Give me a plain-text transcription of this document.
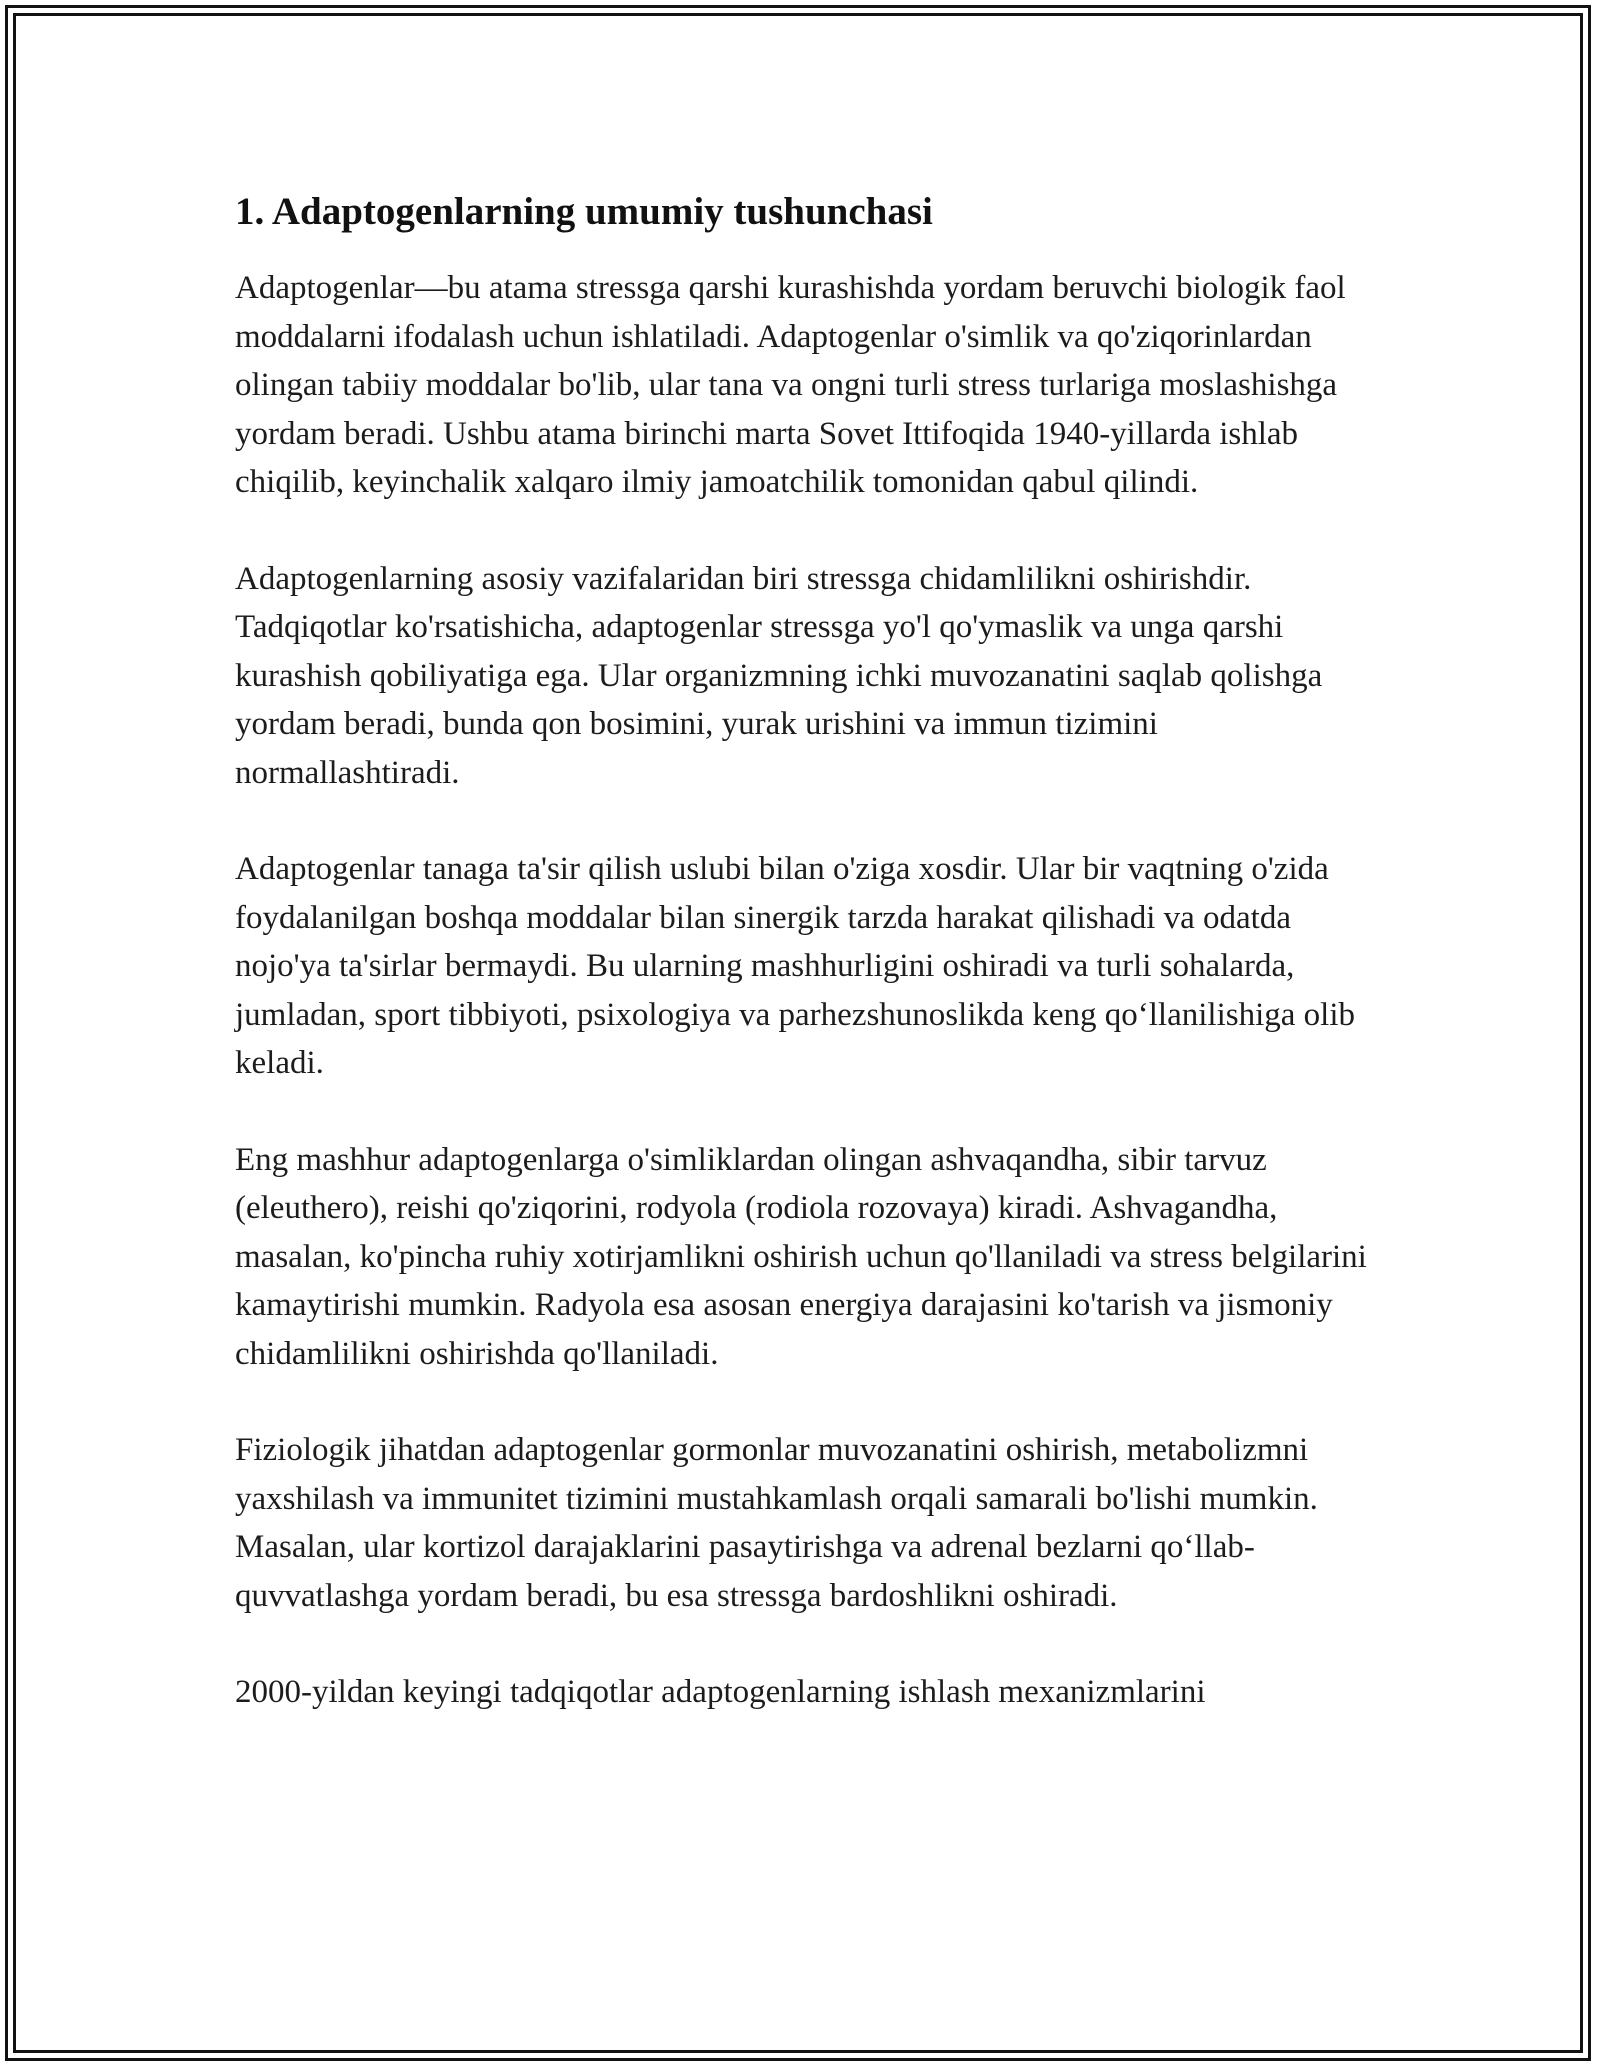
1. Adaptogenlarning umumiy tushunchasi

Adaptogenlar—bu atama stressga qarshi kurashishda yordam beruvchi biologik faol moddalarni ifodalash uchun ishlatiladi. Adaptogenlar o'simlik va qo'ziqorinlardan olingan tabiiy moddalar bo'lib, ular tana va ongni turli stress turlariga moslashishga yordam beradi. Ushbu atama birinchi marta Sovet Ittifoqida 1940-yillarda ishlab chiqilib, keyinchalik xalqaro ilmiy jamoatchilik tomonidan qabul qilindi.

Adaptogenlarning asosiy vazifalaridan biri stressga chidamlilikni oshirishdir. Tadqiqotlar ko'rsatishicha, adaptogenlar stressga yo'l qo'ymaslik va unga qarshi kurashish qobiliyatiga ega. Ular organizmning ichki muvozanatini saqlab qolishga yordam beradi, bunda qon bosimini, yurak urishini va immun tizimini normallashtiradi.

Adaptogenlar tanaga ta'sir qilish uslubi bilan o'ziga xosdir. Ular bir vaqtning o'zida foydalanilgan boshqa moddalar bilan sinergik tarzda harakat qilishadi va odatda nojo'ya ta'sirlar bermaydi. Bu ularning mashhurligini oshiradi va turli sohalarda, jumladan, sport tibbiyoti, psixologiya va parhezshunoslikda keng qo‘llanilishiga olib keladi.

Eng mashhur adaptogenlarga o'simliklardan olingan ashvaqandha, sibir tarvuz (eleuthero), reishi qo'ziqorini, rodyola (rodiola rozovaya) kiradi. Ashvagandha, masalan, ko'pincha ruhiy xotirjamlikni oshirish uchun qo'llaniladi va stress belgilarini kamaytirishi mumkin. Radyola esa asosan energiya darajasini ko'tarish va jismoniy chidamlilikni oshirishda qo'llaniladi.

Fiziologik jihatdan adaptogenlar gormonlar muvozanatini oshirish, metabolizmni yaxshilash va immunitet tizimini mustahkamlash orqali samarali bo'lishi mumkin. Masalan, ular kortizol darajaklarini pasaytirishga va adrenal bezlarni qo‘llab-quvvatlashga yordam beradi, bu esa stressga bardoshlikni oshiradi.

2000-yildan keyingi tadqiqotlar adaptogenlarning ishlash mexanizmlarini
